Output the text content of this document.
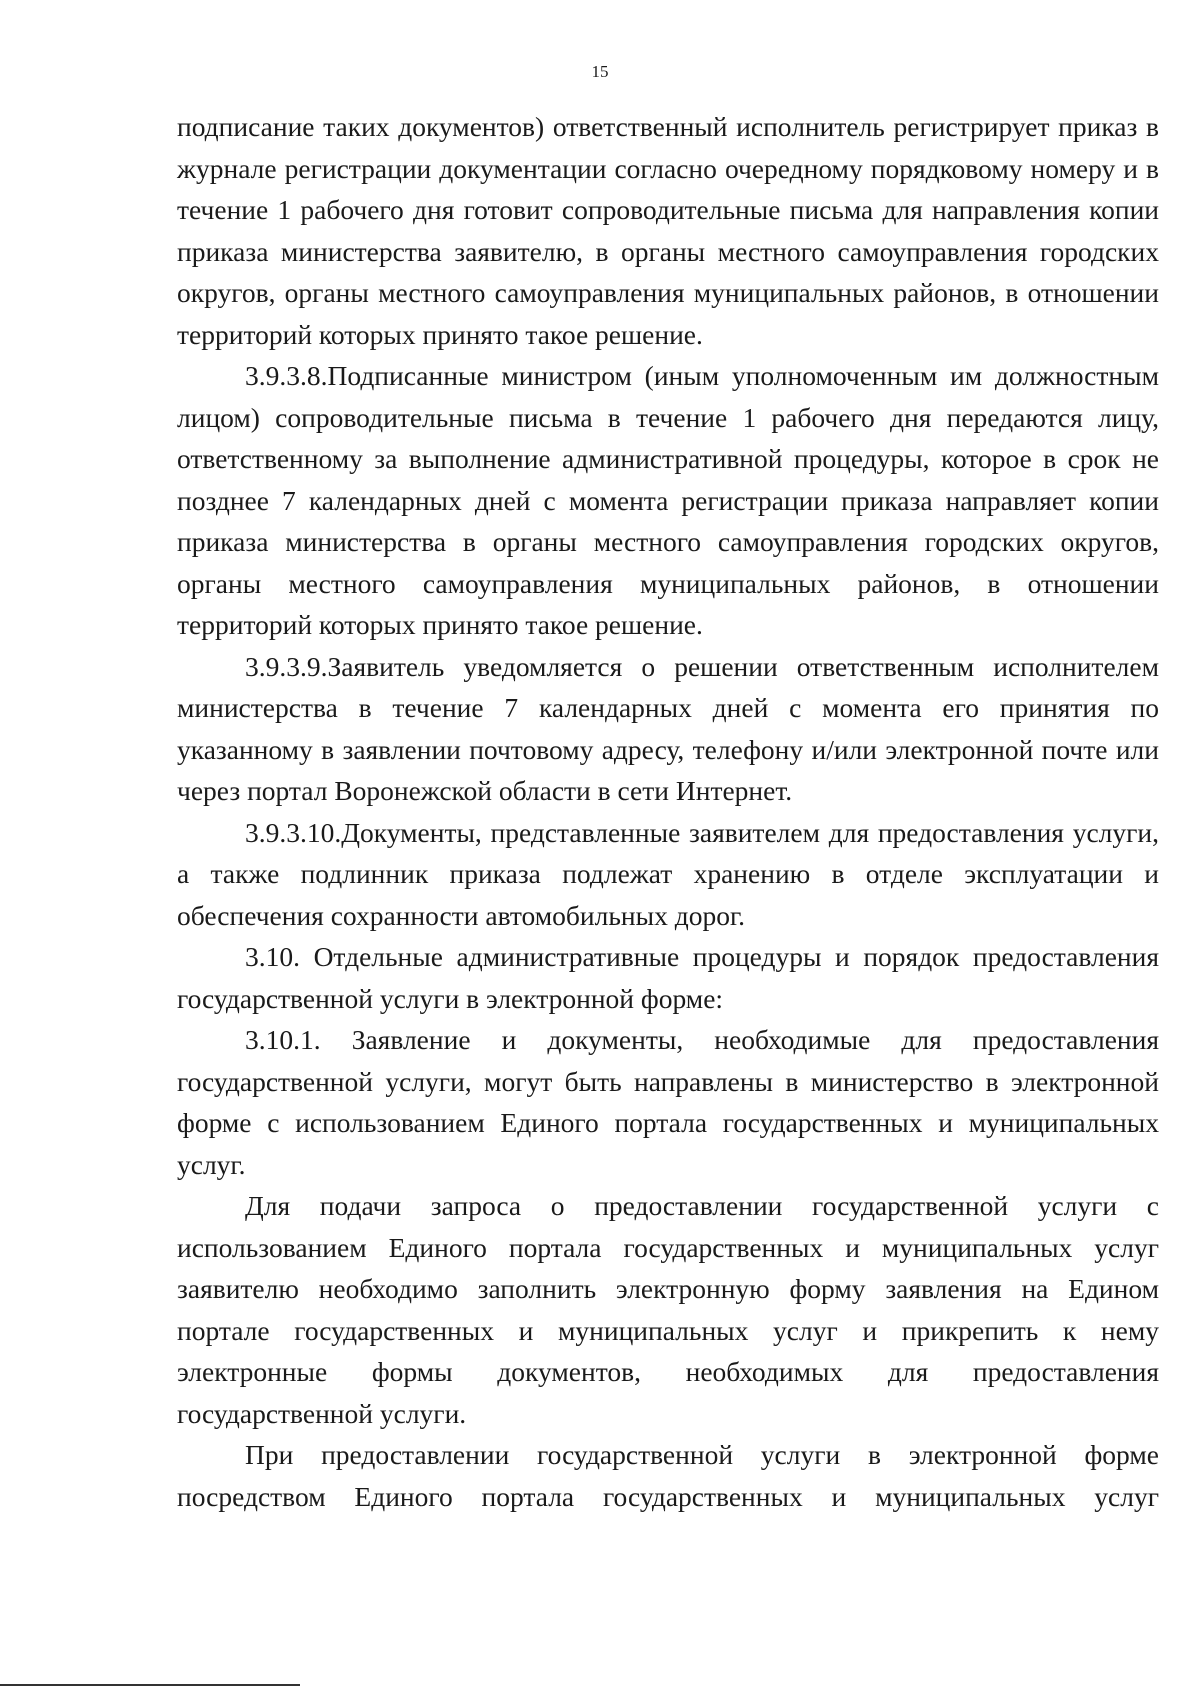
15

подписание таких документов) ответственный исполнитель регистрирует приказ в журнале регистрации документации согласно очередному порядковому номеру и в течение 1 рабочего дня готовит сопроводительные письма для направления копии приказа министерства заявителю, в органы местного самоуправления городских округов, органы местного самоуправления муниципальных районов, в отношении территорий которых принято такое решение.

3.9.3.8.Подписанные министром (иным уполномоченным им должностным лицом) сопроводительные письма в течение 1 рабочего дня передаются лицу, ответственному за выполнение административной процедуры, которое в срок не позднее 7 календарных дней с момента регистрации приказа направляет копии приказа министерства в органы местного самоуправления городских округов, органы местного самоуправления муниципальных районов, в отношении территорий которых принято такое решение.

3.9.3.9.Заявитель уведомляется о решении ответственным исполнителем министерства в течение 7 календарных дней с момента его принятия по указанному в заявлении почтовому адресу, телефону и/или электронной почте или через портал Воронежской области в сети Интернет.

3.9.3.10.Документы, представленные заявителем для предоставления услуги, а также подлинник приказа подлежат хранению в отделе эксплуатации и обеспечения сохранности автомобильных дорог.

3.10. Отдельные административные процедуры и порядок предоставления государственной услуги в электронной форме:

3.10.1. Заявление и документы, необходимые для предоставления государственной услуги, могут быть направлены в министерство в электронной форме с использованием Единого портала государственных и муниципальных услуг.

Для подачи запроса о предоставлении государственной услуги с использованием Единого портала государственных и муниципальных услуг заявителю необходимо заполнить электронную форму заявления на Едином портале государственных и муниципальных услуг и прикрепить к нему электронные формы документов, необходимых для предоставления государственной услуги.

При предоставлении государственной услуги в электронной форме посредством Единого портала государственных и муниципальных услуг
